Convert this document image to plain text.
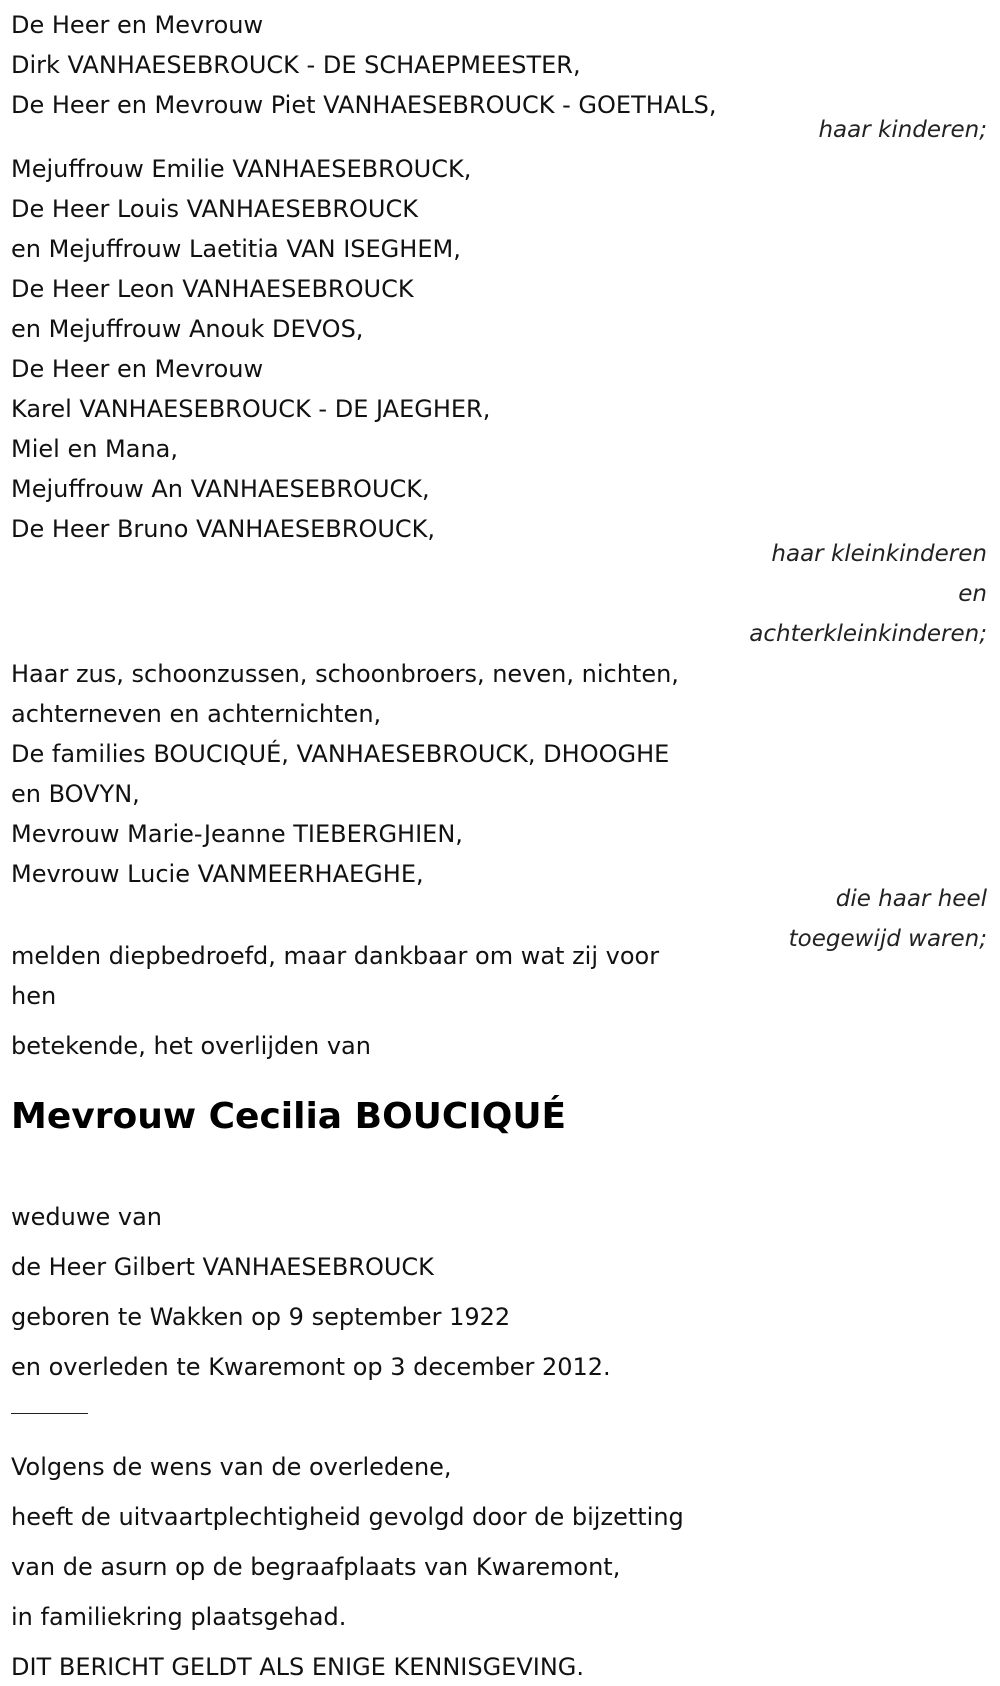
De Heer en Mevrouw
Dirk VANHAESEBROUCK - DE SCHAEPMEESTER,
De Heer en Mevrouw Piet VANHAESEBROUCK - GOETHALS,
haar kinderen;
Mejuffrouw Emilie VANHAESEBROUCK,
De Heer Louis VANHAESEBROUCK
en Mejuffrouw Laetitia VAN ISEGHEM,
De Heer Leon VANHAESEBROUCK
en Mejuffrouw Anouk DEVOS,
De Heer en Mevrouw
Karel VANHAESEBROUCK - DE JAEGHER,
Miel en Mana,
Mejuffrouw An VANHAESEBROUCK,
De Heer Bruno VANHAESEBROUCK,
haar kleinkinderen
en
achterkleinkinderen;
Haar zus, schoonzussen, schoonbroers, neven, nichten,
achterneven en achternichten,
De families BOUCIQUÉ, VANHAESEBROUCK, DHOOGHE
en BOVYN,
Mevrouw Marie-Jeanne TIEBERGHIEN,
Mevrouw Lucie VANMEERHAEGHE,
die haar heel
toegewijd waren;
melden diepbedroefd, maar dankbaar om wat zij voor
hen
betekende, het overlijden van
Mevrouw Cecilia BOUCIQUÉ
weduwe van
de Heer Gilbert VANHAESEBROUCK
geboren te Wakken op 9 september 1922
en overleden te Kwaremont op 3 december 2012.
Volgens de wens van de overledene,
heeft de uitvaartplechtigheid gevolgd door de bijzetting
van de asurn op de begraafplaats van Kwaremont,
in familiekring plaatsgehad.
DIT BERICHT GELDT ALS ENIGE KENNISGEVING.
